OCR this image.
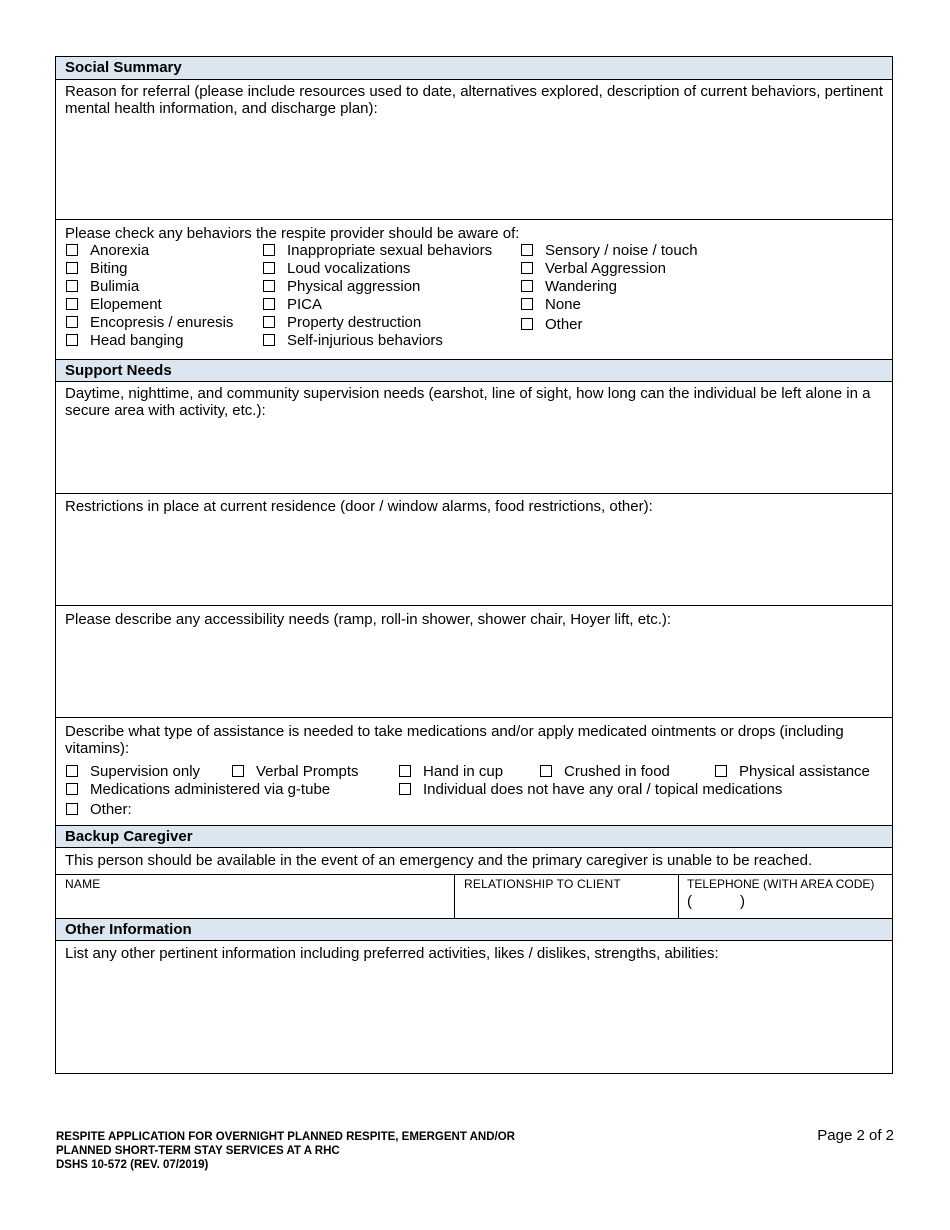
Social Summary
Reason for referral (please include resources used to date, alternatives explored, description of current behaviors, pertinent mental health information, and discharge plan):
Please check any behaviors the respite provider should be aware of:
Anorexia
Biting
Bulimia
Elopement
Encopresis / enuresis
Head banging
Inappropriate sexual behaviors
Loud vocalizations
Physical aggression
PICA
Property destruction
Self-injurious behaviors
Sensory / noise / touch
Verbal Aggression
Wandering
None
Other
Support Needs
Daytime, nighttime, and community supervision needs (earshot, line of sight, how long can the individual be left alone in a secure area with activity, etc.):
Restrictions in place at current residence (door / window alarms, food restrictions, other):
Please describe any accessibility needs (ramp, roll-in shower, shower chair, Hoyer lift, etc.):
Describe what type of assistance is needed to take medications and/or apply medicated ointments or drops (including vitamins):
Supervision only	Verbal Prompts	Hand in cup	Crushed in food	Physical assistance
Medications administered via g-tube	Individual does not have any oral / topical medications
Other:
Backup Caregiver
This person should be available in the event of an emergency and the primary caregiver is unable to be reached.
NAME	RELATIONSHIP TO CLIENT	TELEPHONE (WITH AREA CODE)
(	)
Other Information
List any other pertinent information including preferred activities, likes / dislikes, strengths, abilities:
RESPITE APPLICATION FOR OVERNIGHT PLANNED RESPITE, EMERGENT AND/OR
PLANNED SHORT-TERM STAY SERVICES AT A RHC
DSHS 10-572 (REV. 07/2019)
Page 2 of 2
